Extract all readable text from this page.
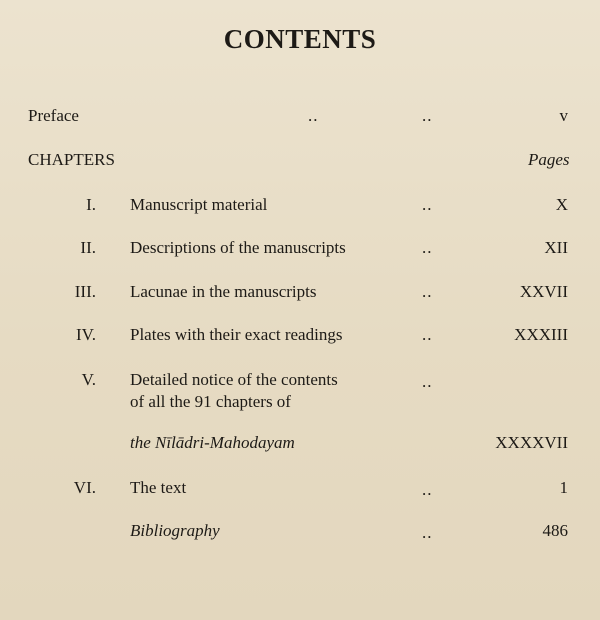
CONTENTS
Preface	..	..	v
CHAPTERS	Pages
I. Manuscript material	..	X
II. Descriptions of the manuscripts	..	XII
III. Lacunae in the manuscripts	..	XXVII
IV. Plates with their exact readings	..	XXXIII
V. Detailed notice of the contents	..
of all the 91 chapters of
the Nīlādri-Mahodayam	XXXXVII
VI. The text	..	1
Bibliography	..	486
